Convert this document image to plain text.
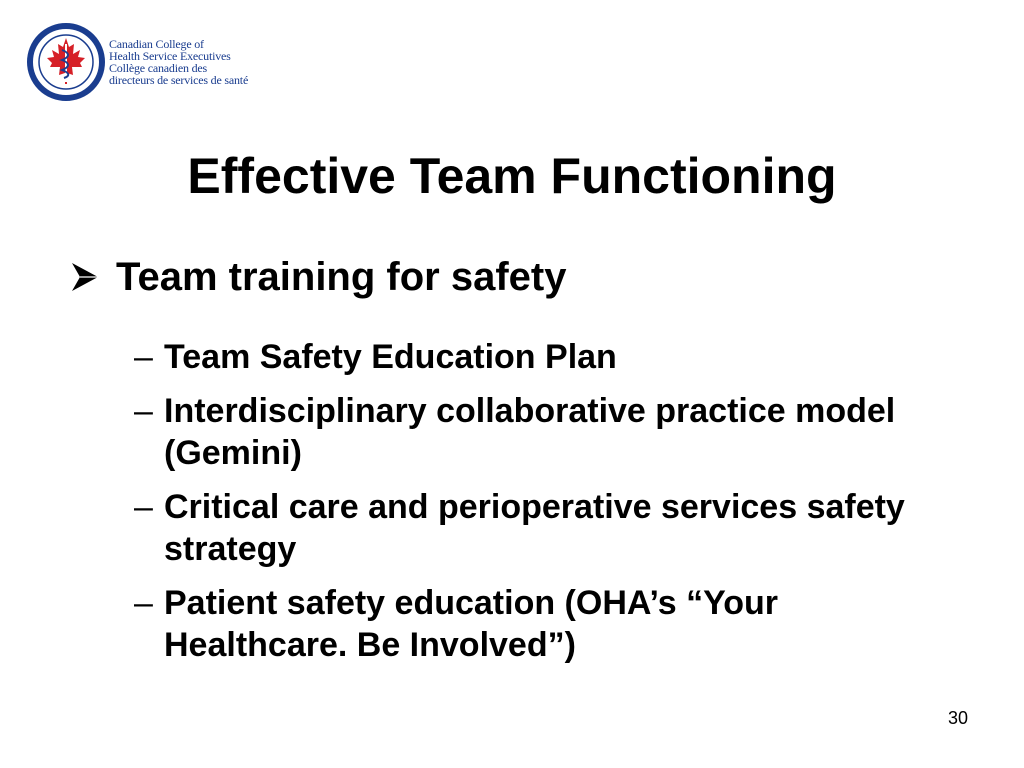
Canadian College of
Health Service Executives
Collège canadien des
directeurs de services de santé
Effective Team Functioning
Team training for safety
– Team Safety Education Plan
– Interdisciplinary collaborative practice model (Gemini)
– Critical care and perioperative services safety strategy
– Patient safety education (OHA’s “Your Healthcare. Be Involved”)
30
